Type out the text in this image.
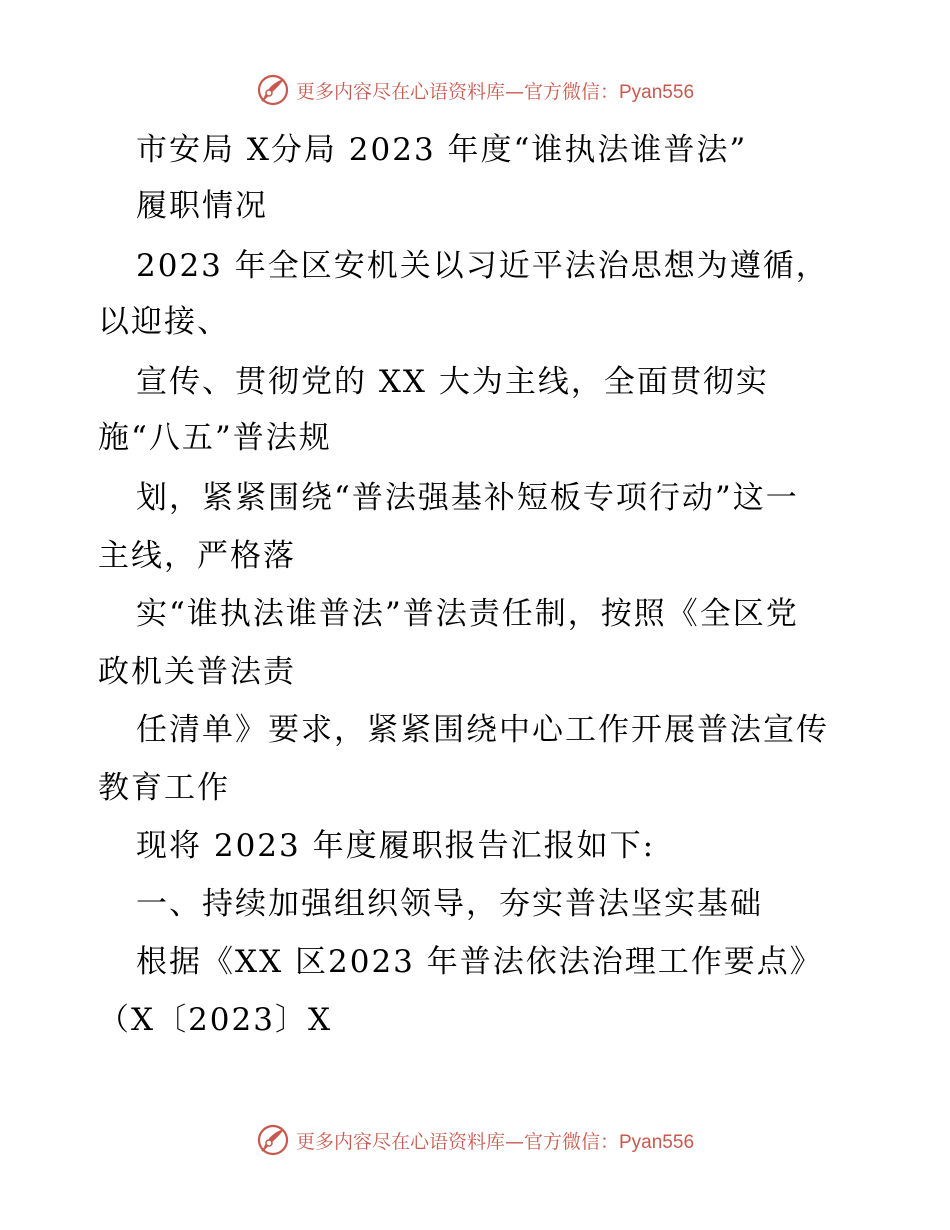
更多内容尽在心语资料库—官方微信：Pyan556
市安局 X分局 2023 年度“谁执法谁普法”
履职情况
2023 年全区安机关以习近平法治思想为遵循，
以迎接、
宣传、贯彻党的 XX 大为主线，全面贯彻实
施“八五”普法规
划，紧紧围绕“普法强基补短板专项行动”这一
主线，严格落
实“谁执法谁普法”普法责任制，按照《全区党
政机关普法责
任清单》要求，紧紧围绕中心工作开展普法宣传
教育工作
现将 2023 年度履职报告汇报如下:
一、持续加强组织领导，夯实普法坚实基础
根据《XX 区2023 年普法依法治理工作要点》
（X〔2023〕X
更多内容尽在心语资料库—官方微信：Pyan556
